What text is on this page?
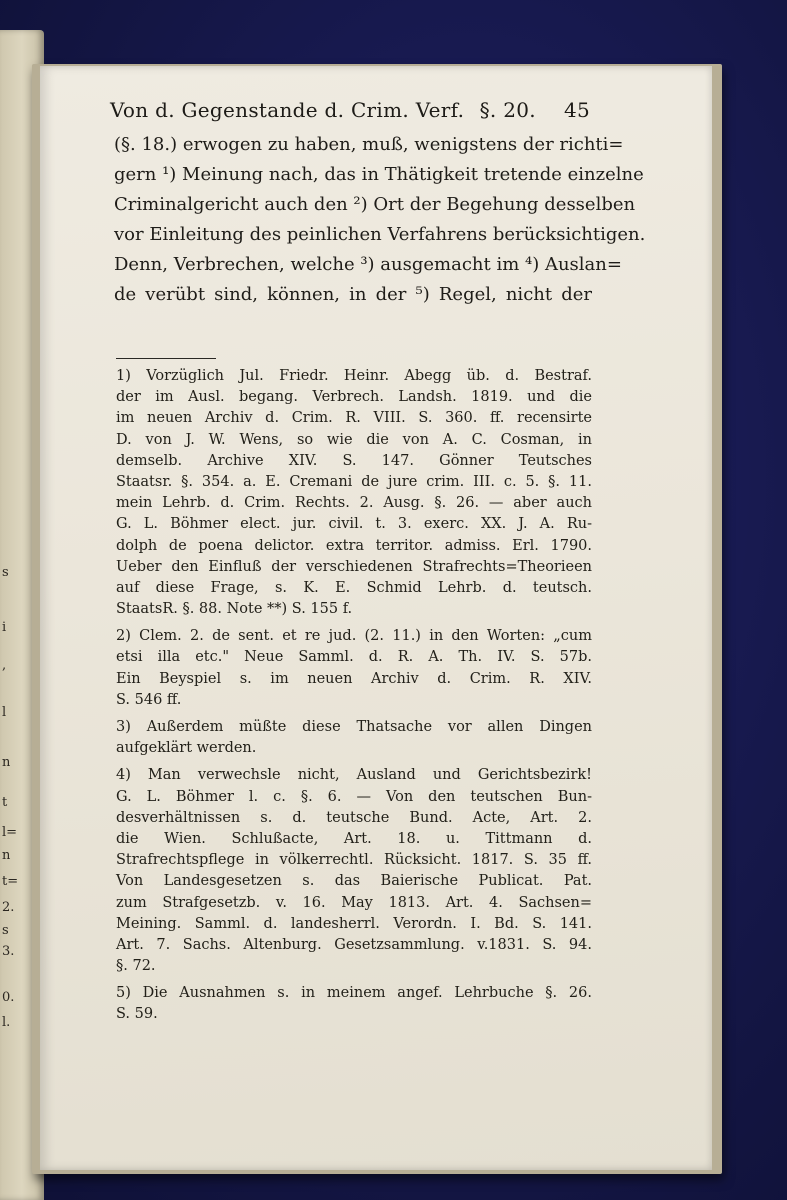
s
i
,
l
n
t
l=
n
t=
2.
s
3.
0.
l.
Von d. Gegenstande d. Crim. Verf. §. 20. 45
(§. 18.) erwogen zu haben, muß, wenigstens der richti=
gern ¹) Meinung nach, das in Thätigkeit tretende einzelne
Criminalgericht auch den ²) Ort der Begehung desselben
vor Einleitung des peinlichen Verfahrens berücksichtigen.
Denn, Verbrechen, welche ³) ausgemacht im ⁴) Auslan=
de verübt sind, können, in der ⁵) Regel, nicht der
1) Vorzüglich Jul. Friedr. Heinr. Abegg üb. d. Bestraf.
der im Ausl. begang. Verbrech. Landsh. 1819. und die
im neuen Archiv d. Crim. R. VIII. S. 360. ff. recensirte
D. von J. W. Wens, so wie die von A. C. Cosman, in
demselb. Archive XIV. S. 147. Gönner Teutsches
Staatsr. §. 354. a. E. Cremani de jure crim. III. c. 5. §. 11.
mein Lehrb. d. Crim. Rechts. 2. Ausg. §. 26. — aber auch
G. L. Böhmer elect. jur. civil. t. 3. exerc. XX. J. A. Ru-
dolph de poena delictor. extra territor. admiss. Erl. 1790.
Ueber den Einfluß der verschiedenen Strafrechts=Theorieen
auf diese Frage, s. K. E. Schmid Lehrb. d. teutsch.
StaatsR. §. 88. Note **) S. 155 f.
2) Clem. 2. de sent. et re jud. (2. 11.) in den Worten: „cum
etsi illa etc." Neue Samml. d. R. A. Th. IV. S. 57b.
Ein Beyspiel s. im neuen Archiv d. Crim. R. XIV.
S. 546 ff.
3) Außerdem müßte diese Thatsache vor allen Dingen
aufgeklärt werden.
4) Man verwechsle nicht, Ausland und Gerichtsbezirk!
G. L. Böhmer l. c. §. 6. — Von den teutschen Bun-
desverhältnissen s. d. teutsche Bund. Acte, Art. 2.
die Wien. Schlußacte, Art. 18. u. Tittmann d.
Strafrechtspflege in völkerrechtl. Rücksicht. 1817. S. 35 ff.
Von Landesgesetzen s. das Baierische Publicat. Pat.
zum Strafgesetzb. v. 16. May 1813. Art. 4. Sachsen=
Meining. Samml. d. landesherrl. Verordn. I. Bd. S. 141.
Art. 7. Sachs. Altenburg. Gesetzsammlung. v.1831. S. 94.
§. 72.
5) Die Ausnahmen s. in meinem angef. Lehrbuche §. 26.
S. 59.
